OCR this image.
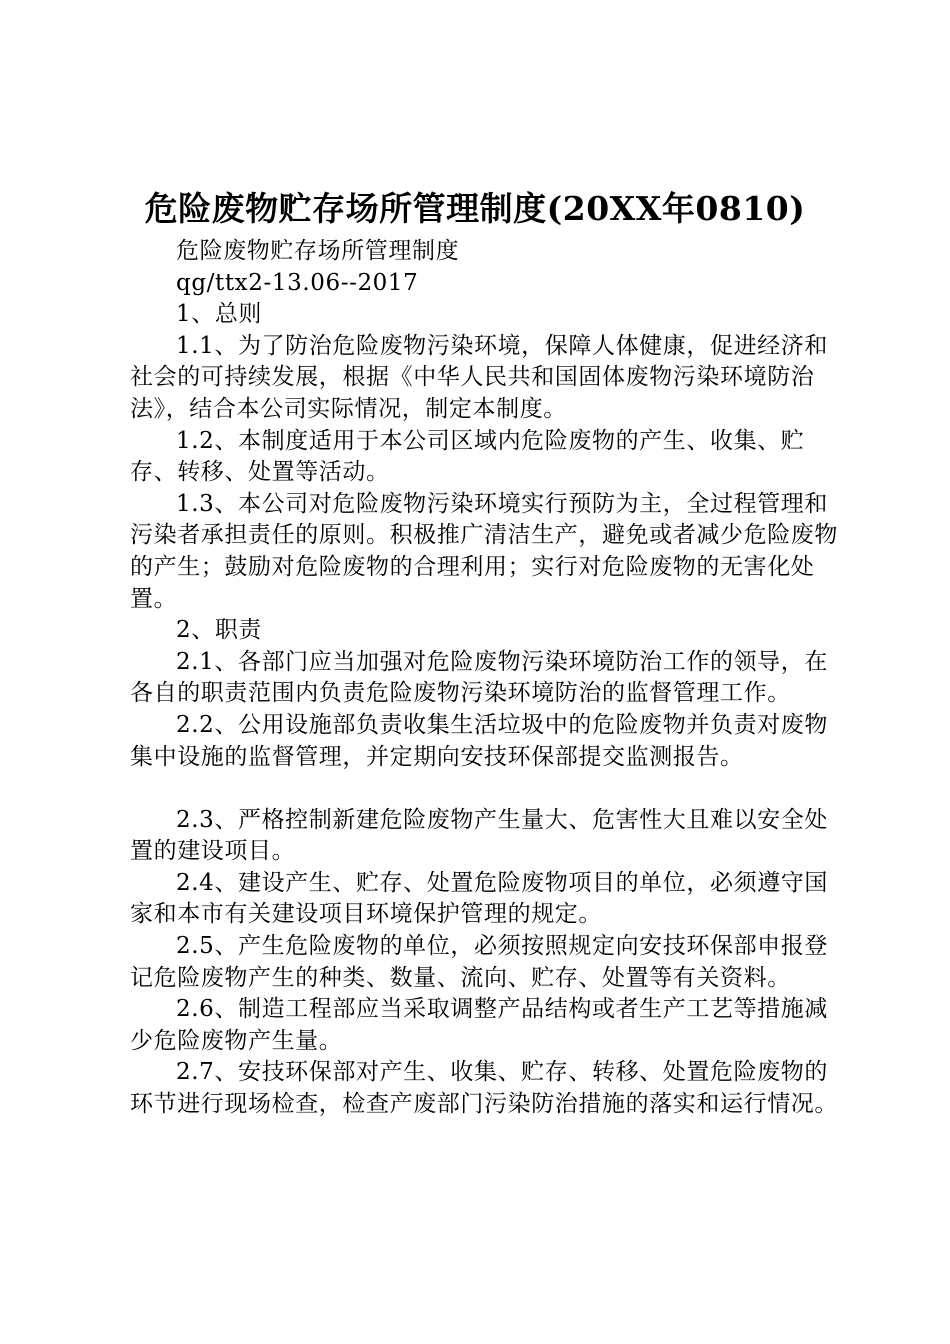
危险废物贮存场所管理制度(20XX年0810)

危险废物贮存场所管理制度

qg/ttx2-13.06--2017

1、总则

1.1、为了防治危险废物污染环境，保障人体健康，促进经济和社会的可持续发展，根据《中华人民共和国固体废物污染环境防治法》，结合本公司实际情况，制定本制度。

1.2、本制度适用于本公司区域内危险废物的产生、收集、贮存、转移、处置等活动。

1.3、本公司对危险废物污染环境实行预防为主，全过程管理和污染者承担责任的原则。积极推广清洁生产，避免或者减少危险废物的产生；鼓励对危险废物的合理利用；实行对危险废物的无害化处置。

2、职责

2.1、各部门应当加强对危险废物污染环境防治工作的领导，在各自的职责范围内负责危险废物污染环境防治的监督管理工作。

2.2、公用设施部负责收集生活垃圾中的危险废物并负责对废物集中设施的监督管理，并定期向安技环保部提交监测报告。

2.3、严格控制新建危险废物产生量大、危害性大且难以安全处置的建设项目。

2.4、建设产生、贮存、处置危险废物项目的单位，必须遵守国家和本市有关建设项目环境保护管理的规定。

2.5、产生危险废物的单位，必须按照规定向安技环保部申报登记危险废物产生的种类、数量、流向、贮存、处置等有关资料。

2.6、制造工程部应当采取调整产品结构或者生产工艺等措施减少危险废物产生量。

2.7、安技环保部对产生、收集、贮存、转移、处置危险废物的环节进行现场检查，检查产废部门污染防治措施的落实和运行情况。
